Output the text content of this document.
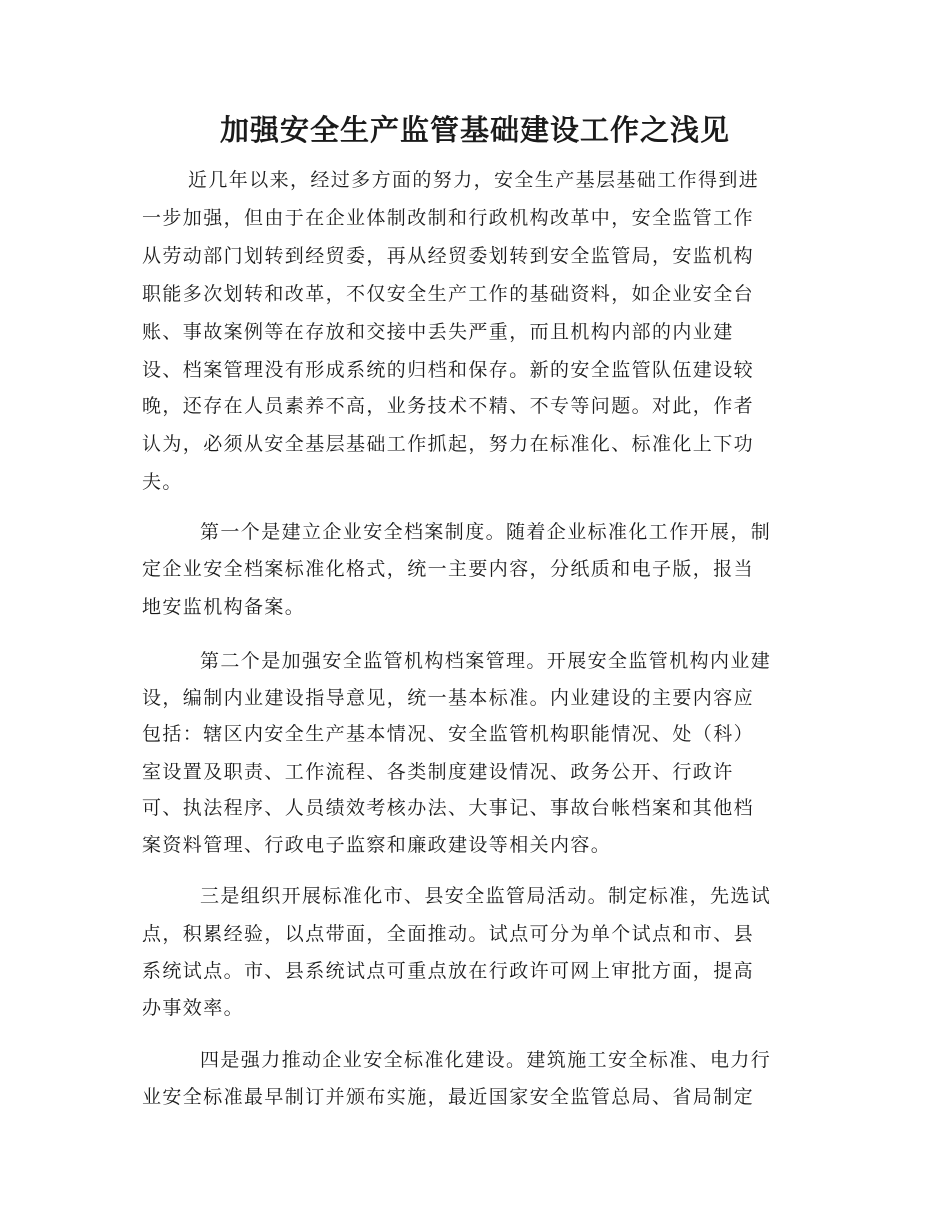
加强安全生产监管基础建设工作之浅见
近几年以来，经过多方面的努力，安全生产基层基础工作得到进
一步加强，但由于在企业体制改制和行政机构改革中，安全监管工作
从劳动部门划转到经贸委，再从经贸委划转到安全监管局，安监机构
职能多次划转和改革，不仅安全生产工作的基础资料，如企业安全台
账、事故案例等在存放和交接中丢失严重，而且机构内部的内业建
设、档案管理没有形成系统的归档和保存。新的安全监管队伍建设较
晚，还存在人员素养不高，业务技术不精、不专等问题。对此，作者
认为，必须从安全基层基础工作抓起，努力在标准化、标准化上下功
夫。
第一个是建立企业安全档案制度。随着企业标准化工作开展，制
定企业安全档案标准化格式，统一主要内容，分纸质和电子版，报当
地安监机构备案。
第二个是加强安全监管机构档案管理。开展安全监管机构内业建
设，编制内业建设指导意见，统一基本标准。内业建设的主要内容应
包括：辖区内安全生产基本情况、安全监管机构职能情况、处（科）
室设置及职责、工作流程、各类制度建设情况、政务公开、行政许
可、执法程序、人员绩效考核办法、大事记、事故台帐档案和其他档
案资料管理、行政电子监察和廉政建设等相关内容。
三是组织开展标准化市、县安全监管局活动。制定标准，先选试
点，积累经验，以点带面，全面推动。试点可分为单个试点和市、县
系统试点。市、县系统试点可重点放在行政许可网上审批方面，提高
办事效率。
四是强力推动企业安全标准化建设。建筑施工安全标准、电力行
业安全标准最早制订并颁布实施，最近国家安全监管总局、省局制定
